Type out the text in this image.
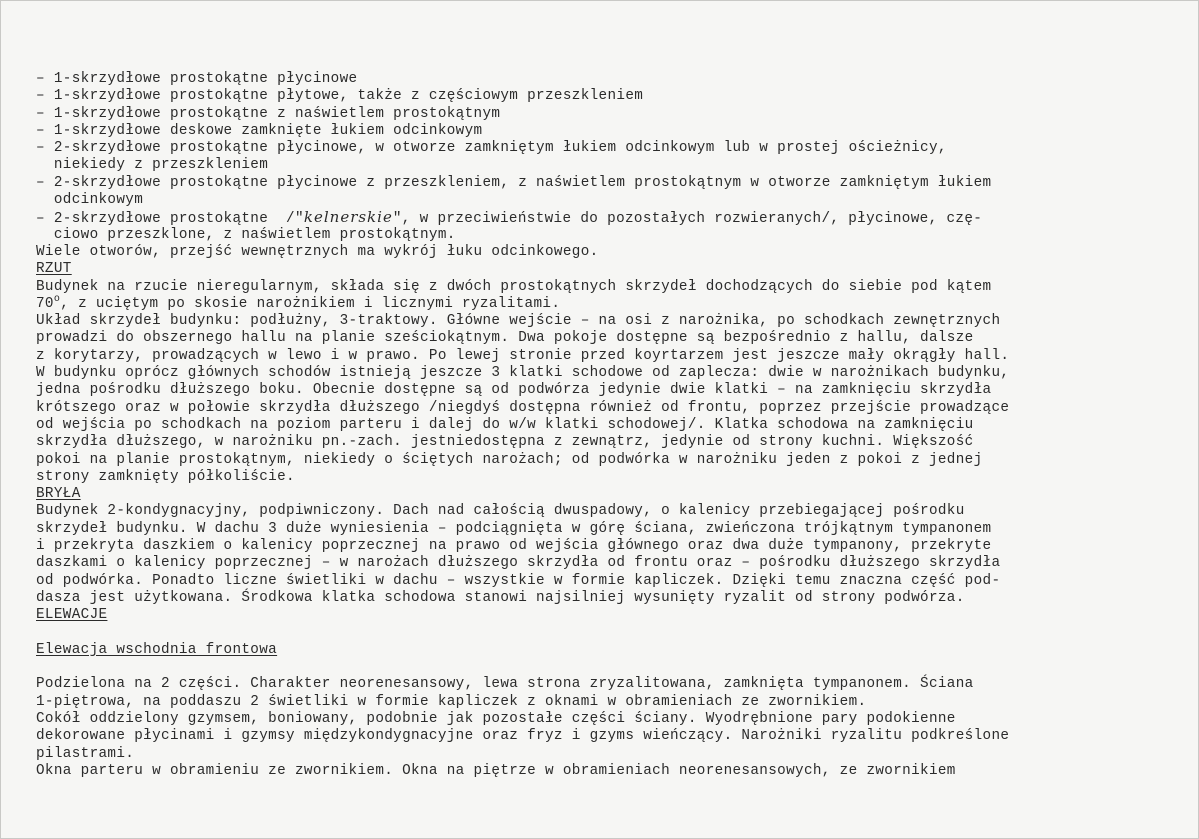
– 1-skrzydłowe prostokątne płycinowe
– 1-skrzydłowe prostokątne płytowe, także z częściowym przeszkleniem
– 1-skrzydłowe prostokątne z naświetlem prostokątnym
– 1-skrzydłowe deskowe zamknięte łukiem odcinkowym
– 2-skrzydłowe prostokątne płycinowe, w otworze zamkniętym łukiem odcinkowym lub w prostej ościeżnicy,
niekiedy z przeszkleniem
– 2-skrzydłowe prostokątne płycinowe z przeszkleniem, z naświetlem prostokątnym w otworze zamkniętym łukiem
odcinkowym
– 2-skrzydłowe prostokątne  /"kelnerskie", w przeciwieństwie do pozostałych rozwieranych/, płycinowe, czę-
ciowo przeszklone, z naświetlem prostokątnym.
Wiele otworów, przejść wewnętrznych ma wykrój łuku odcinkowego.
RZUT
Budynek na rzucie nieregularnym, składa się z dwóch prostokątnych skrzydeł dochodzących do siebie pod kątem
70$^o$, z uciętym po skosie narożnikiem i licznymi ryzalitami.
Układ skrzydeł budynku: podłużny, 3-traktowy. Główne wejście – na osi z narożnika, po schodkach zewnętrznych
prowadzi do obszernego hallu na planie sześciokątnym. Dwa pokoje dostępne są bezpośrednio z hallu, dalsze
z korytarzy, prowadzących w lewo i w prawo. Po lewej stronie przed koyrtarzem jest jeszcze mały okrągły hall.
W budynku oprócz głównych schodów istnieją jeszcze 3 klatki schodowe od zaplecza: dwie w narożnikach budynku,
jedna pośrodku dłuższego boku. Obecnie dostępne są od podwórza jedynie dwie klatki – na zamknięciu skrzydła
krótszego oraz w połowie skrzydła dłuższego /niegdyś dostępna również od frontu, poprzez przejście prowadzące
od wejścia po schodkach na poziom parteru i dalej do w/w klatki schodowej/. Klatka schodowa na zamknięciu
skrzydła dłuższego, w narożniku pn.-zach. jestniedostępna z zewnątrz, jedynie od strony kuchni. Większość
pokoi na planie prostokątnym, niekiedy o ściętych narożach; od podwórka w narożniku jeden z pokoi z jednej
strony zamknięty półkoliście.
BRYŁA
Budynek 2-kondygnacyjny, podpiwniczony. Dach nad całością dwuspadowy, o kalenicy przebiegającej pośrodku
skrzydeł budynku. W dachu 3 duże wyniesienia – podciągnięta w górę ściana, zwieńczona trójkątnym tympanonem
i przekryta daszkiem o kalenicy poprzecznej na prawo od wejścia głównego oraz dwa duże tympanony, przekryte
daszkami o kalenicy poprzecznej – w narożach dłuższego skrzydła od frontu oraz – pośrodku dłuższego skrzydła
od podwórka. Ponadto liczne świetliki w dachu – wszystkie w formie kapliczek. Dzięki temu znaczna część pod-
dasza jest użytkowana. Środkowa klatka schodowa stanowi najsilniej wysunięty ryzalit od strony podwórza.
ELEWACJE
Elewacja wschodnia frontowa
Podzielona na 2 części. Charakter neorenesansowy, lewa strona zryzalitowana, zamknięta tympanonem. Ściana
1-piętrowa, na poddaszu 2 świetliki w formie kapliczek z oknami w obramieniach ze zwornikiem.
Cokół oddzielony gzymsem, boniowany, podobnie jak pozostałe części ściany. Wyodrębnione pary podokienne
dekorowane płycinami i gzymsy międzykondygnacyjne oraz fryz i gzyms wieńczący. Narożniki ryzalitu podkreślone
pilastrami.
Okna parteru w obramieniu ze zwornikiem. Okna na piętrze w obramieniach neorenesansowych, ze zwornikiem
